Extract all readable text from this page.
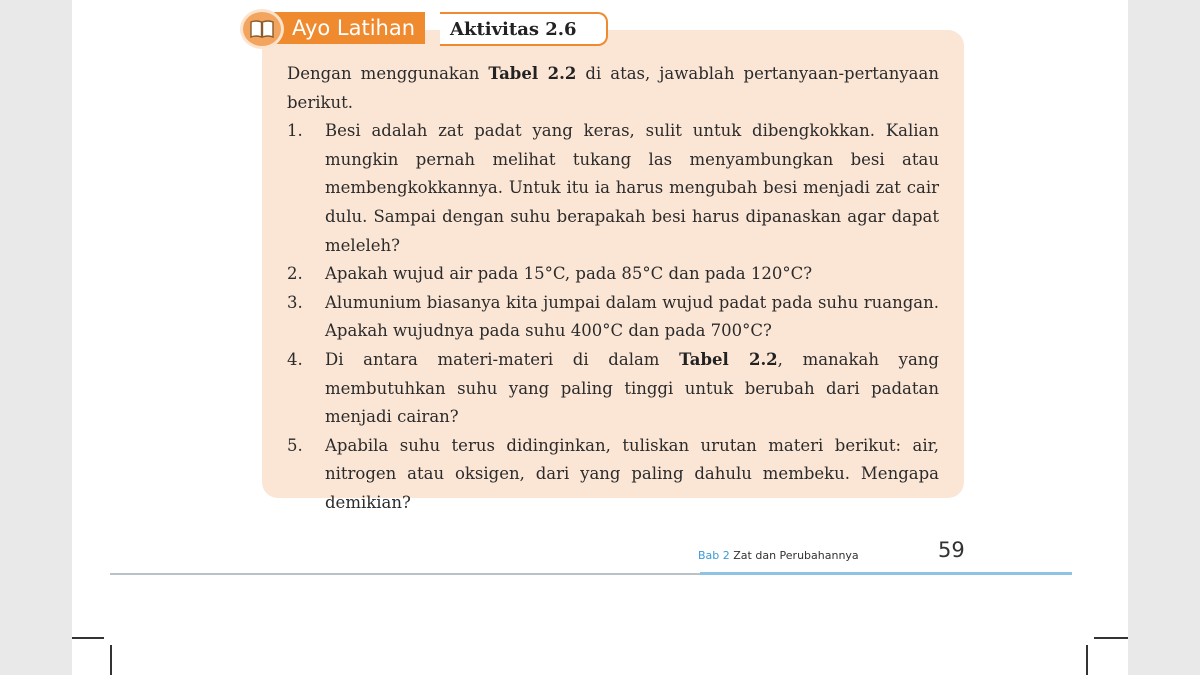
Ayo Latihan	Aktivitas 2.6

Dengan menggunakan Tabel 2.2 di atas, jawablah pertanyaan-pertanyaan berikut.

1.	Besi adalah zat padat yang keras, sulit untuk dibengkokkan. Kalian mungkin pernah melihat tukang las menyambungkan besi atau membengkokkannya. Untuk itu ia harus mengubah besi menjadi zat cair dulu. Sampai dengan suhu berapakah besi harus dipanaskan agar dapat meleleh?
2.	Apakah wujud air pada 15°C, pada 85°C dan pada 120°C?
3.	Alumunium biasanya kita jumpai dalam wujud padat pada suhu ruangan. Apakah wujudnya pada suhu 400°C dan pada 700°C?
4.	Di antara materi-materi di dalam Tabel 2.2, manakah yang membutuhkan suhu yang paling tinggi untuk berubah dari padatan menjadi cairan?
5.	Apabila suhu terus didinginkan, tuliskan urutan materi berikut: air, nitrogen atau oksigen, dari yang paling dahulu membeku. Mengapa demikian?
Bab 2 Zat dan Perubahannya	59
